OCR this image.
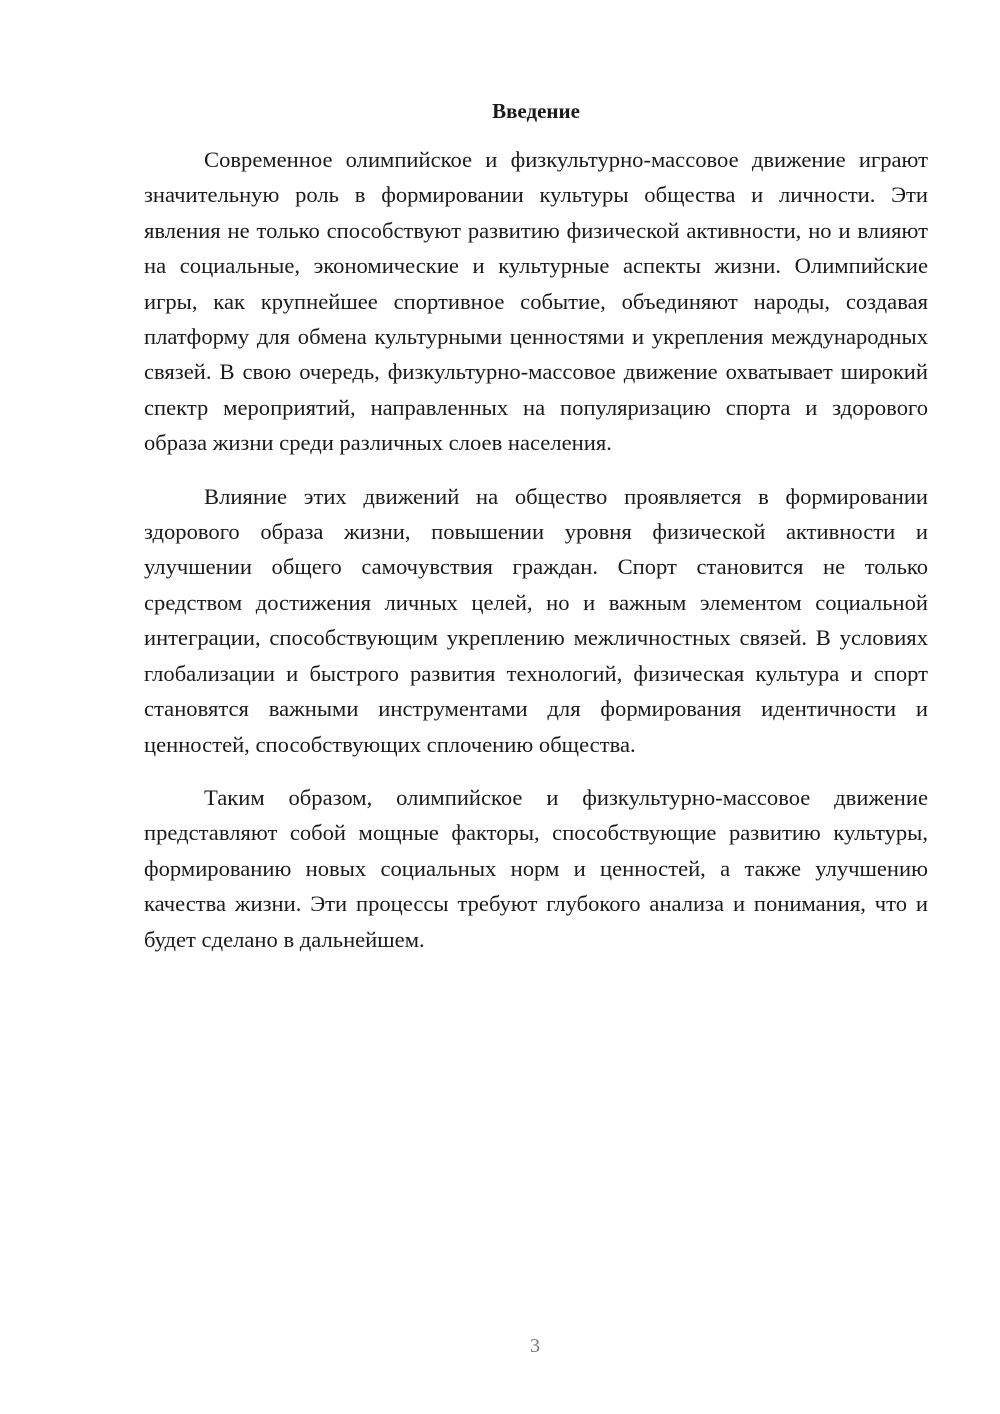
Введение

Современное олимпийское и физкультурно-массовое движение играют значительную роль в формировании культуры общества и личности. Эти явления не только способствуют развитию физической активности, но и влияют на социальные, экономические и культурные аспекты жизни. Олимпийские игры, как крупнейшее спортивное событие, объединяют народы, создавая платформу для обмена культурными ценностями и укрепления международных связей. В свою очередь, физкультурно-массовое движение охватывает широкий спектр мероприятий, направленных на популяризацию спорта и здорового образа жизни среди различных слоев населения.

Влияние этих движений на общество проявляется в формировании здорового образа жизни, повышении уровня физической активности и улучшении общего самочувствия граждан. Спорт становится не только средством достижения личных целей, но и важным элементом социальной интеграции, способствующим укреплению межличностных связей. В условиях глобализации и быстрого развития технологий, физическая культура и спорт становятся важными инструментами для формирования идентичности и ценностей, способствующих сплочению общества.

Таким образом, олимпийское и физкультурно-массовое движение представляют собой мощные факторы, способствующие развитию культуры, формированию новых социальных норм и ценностей, а также улучшению качества жизни. Эти процессы требуют глубокого анализа и понимания, что и будет сделано в дальнейшем.

3
